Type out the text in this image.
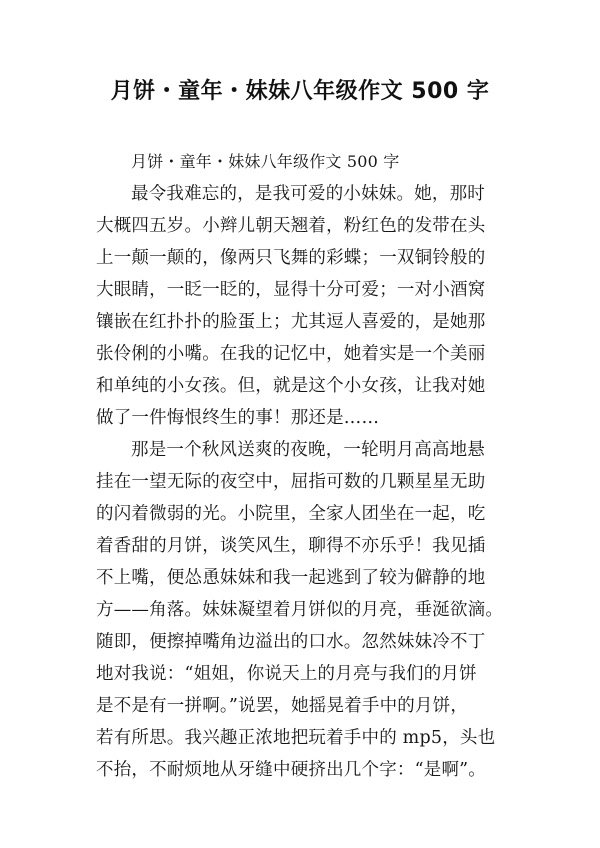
月饼・童年・妹妹八年级作文 500 字
月饼・童年・妹妹八年级作文 500 字
最令我难忘的，是我可爱的小妹妹。她，那时
大概四五岁。小辫儿朝天翘着，粉红色的发带在头
上一颠一颠的，像两只飞舞的彩蝶；一双铜铃般的
大眼睛，一眨一眨的，显得十分可爱；一对小酒窝
镶嵌在红扑扑的脸蛋上；尤其逗人喜爱的，是她那
张伶俐的小嘴。在我的记忆中，她着实是一个美丽
和单纯的小女孩。但，就是这个小女孩，让我对她
做了一件悔恨终生的事！那还是……
那是一个秋风送爽的夜晚，一轮明月高高地悬
挂在一望无际的夜空中，屈指可数的几颗星星无助
的闪着微弱的光。小院里，全家人团坐在一起，吃
着香甜的月饼，谈笑风生，聊得不亦乐乎！我见插
不上嘴，便怂恿妹妹和我一起逃到了较为僻静的地
方——角落。妹妹凝望着月饼似的月亮，垂涎欲滴。
随即，便擦掉嘴角边溢出的口水。忽然妹妹冷不丁
地对我说：“姐姐，你说天上的月亮与我们的月饼
是不是有一拼啊。”说罢，她摇晃着手中的月饼，
若有所思。我兴趣正浓地把玩着手中的 mp5，头也
不抬，不耐烦地从牙缝中硬挤出几个字：“是啊”。
